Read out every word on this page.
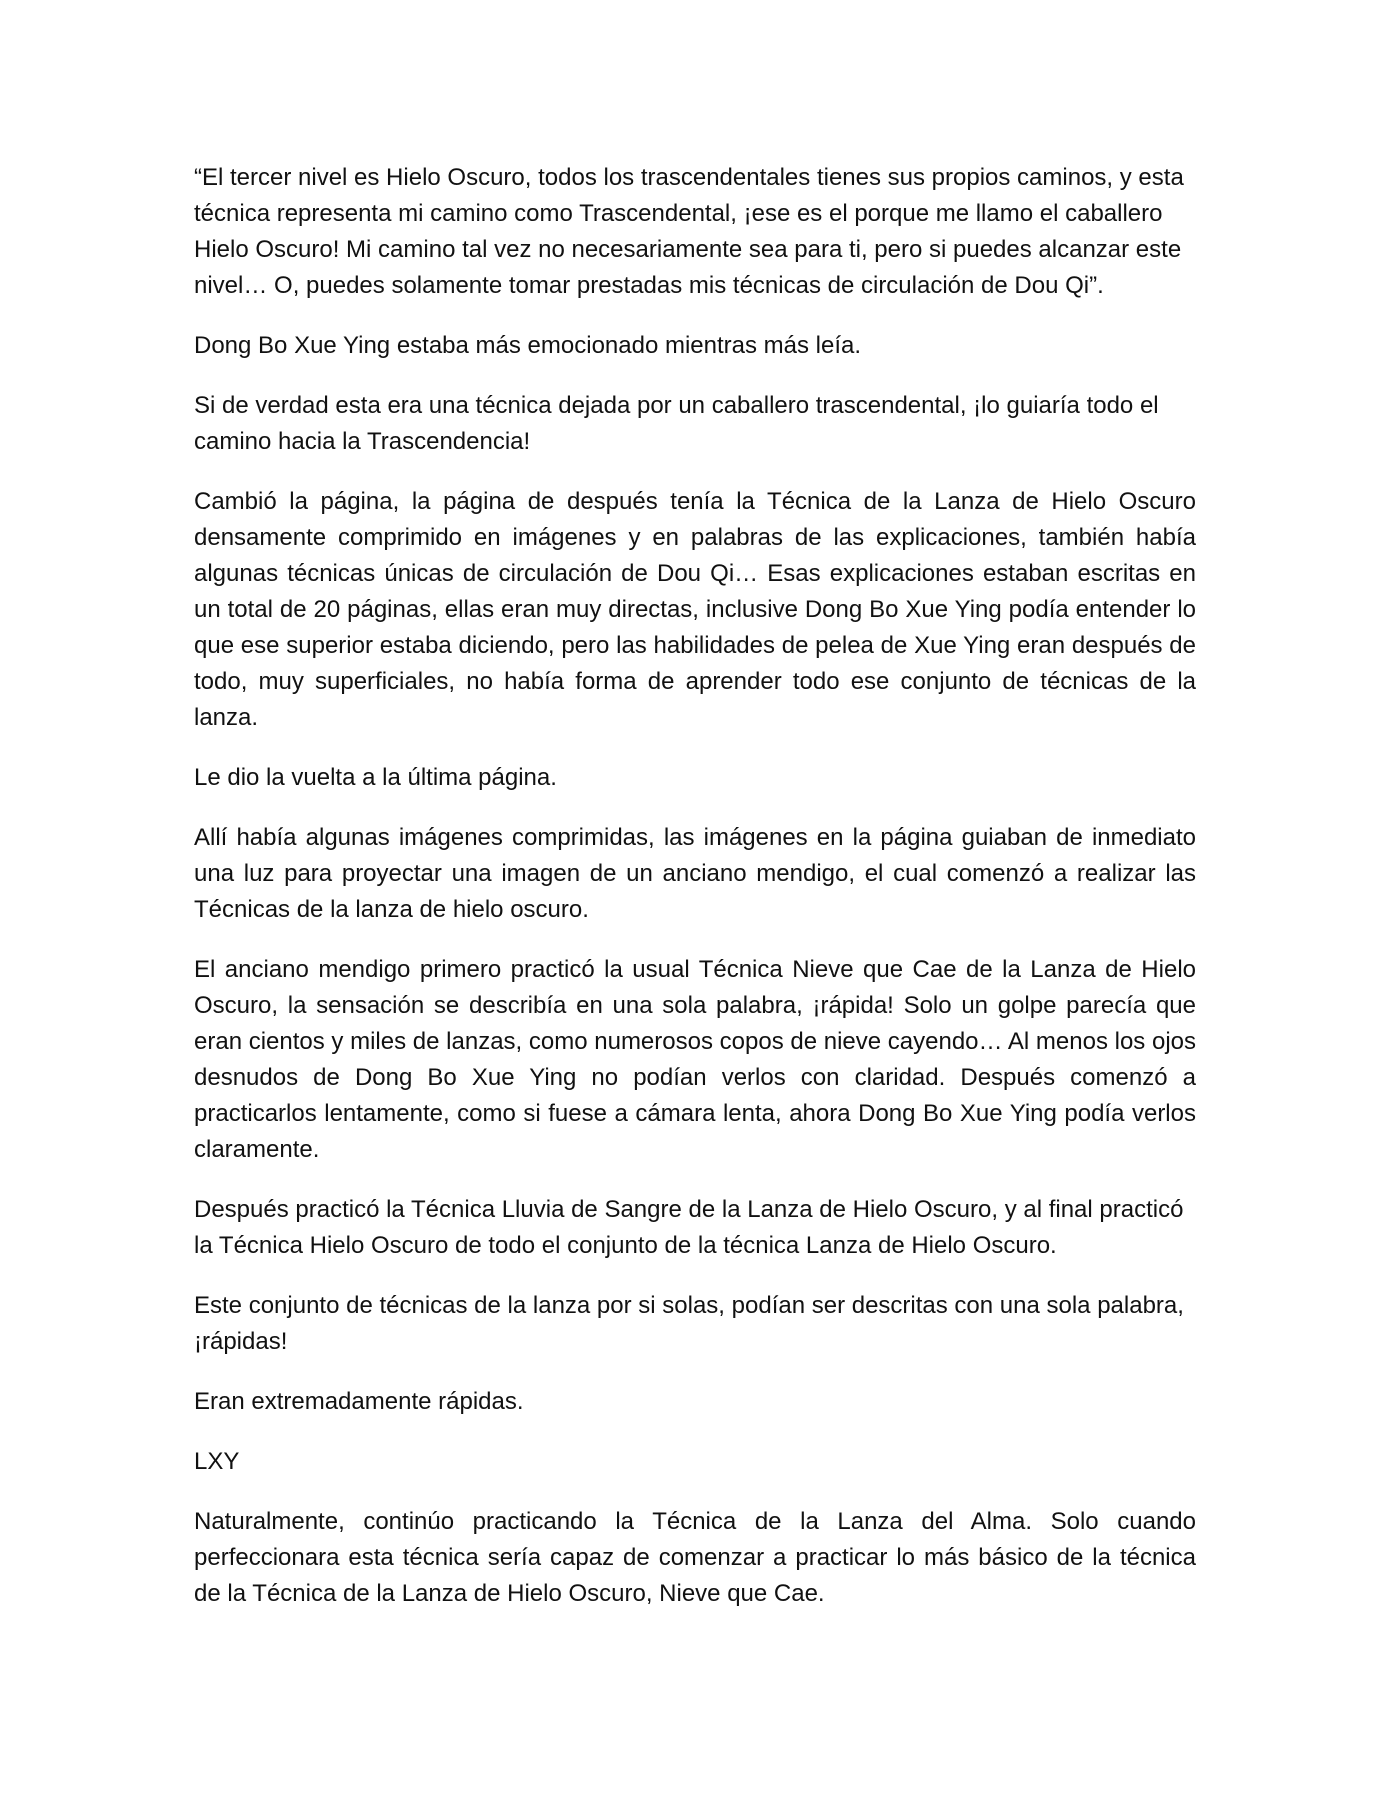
“El tercer nivel es Hielo Oscuro, todos los trascendentales tienes sus propios caminos, y esta técnica representa mi camino como Trascendental, ¡ese es el porque me llamo el caballero Hielo Oscuro! Mi camino tal vez no necesariamente sea para ti, pero si puedes alcanzar este nivel… O, puedes solamente tomar prestadas mis técnicas de circulación de Dou Qi”.

Dong Bo Xue Ying estaba más emocionado mientras más leía.

Si de verdad esta era una técnica dejada por un caballero trascendental, ¡lo guiaría todo el camino hacia la Trascendencia!

Cambió la página, la página de después tenía la Técnica de la Lanza de Hielo Oscuro densamente comprimido en imágenes y en palabras de las explicaciones, también había algunas técnicas únicas de circulación de Dou Qi… Esas explicaciones estaban escritas en un total de 20 páginas, ellas eran muy directas, inclusive Dong Bo Xue Ying podía entender lo que ese superior estaba diciendo, pero las habilidades de pelea de Xue Ying eran después de todo, muy superficiales, no había forma de aprender todo ese conjunto de técnicas de la lanza.

Le dio la vuelta a la última página.

Allí había algunas imágenes comprimidas, las imágenes en la página guiaban de inmediato una luz para proyectar una imagen de un anciano mendigo, el cual comenzó a realizar las Técnicas de la lanza de hielo oscuro.

El anciano mendigo primero practicó la usual Técnica Nieve que Cae de la Lanza de Hielo Oscuro, la sensación se describía en una sola palabra, ¡rápida! Solo un golpe parecía que eran cientos y miles de lanzas, como numerosos copos de nieve cayendo… Al menos los ojos desnudos de Dong Bo Xue Ying no podían verlos con claridad. Después comenzó a practicarlos lentamente, como si fuese a cámara lenta, ahora Dong Bo Xue Ying podía verlos claramente.

Después practicó la Técnica Lluvia de Sangre de la Lanza de Hielo Oscuro, y al final practicó la Técnica Hielo Oscuro de todo el conjunto de la técnica Lanza de Hielo Oscuro.

Este conjunto de técnicas de la lanza por si solas, podían ser descritas con una sola palabra, ¡rápidas!

Eran extremadamente rápidas.

LXY

Naturalmente, continúo practicando la Técnica de la Lanza del Alma. Solo cuando perfeccionara esta técnica sería capaz de comenzar a practicar lo más básico de la técnica de la Técnica de la Lanza de Hielo Oscuro, Nieve que Cae.
